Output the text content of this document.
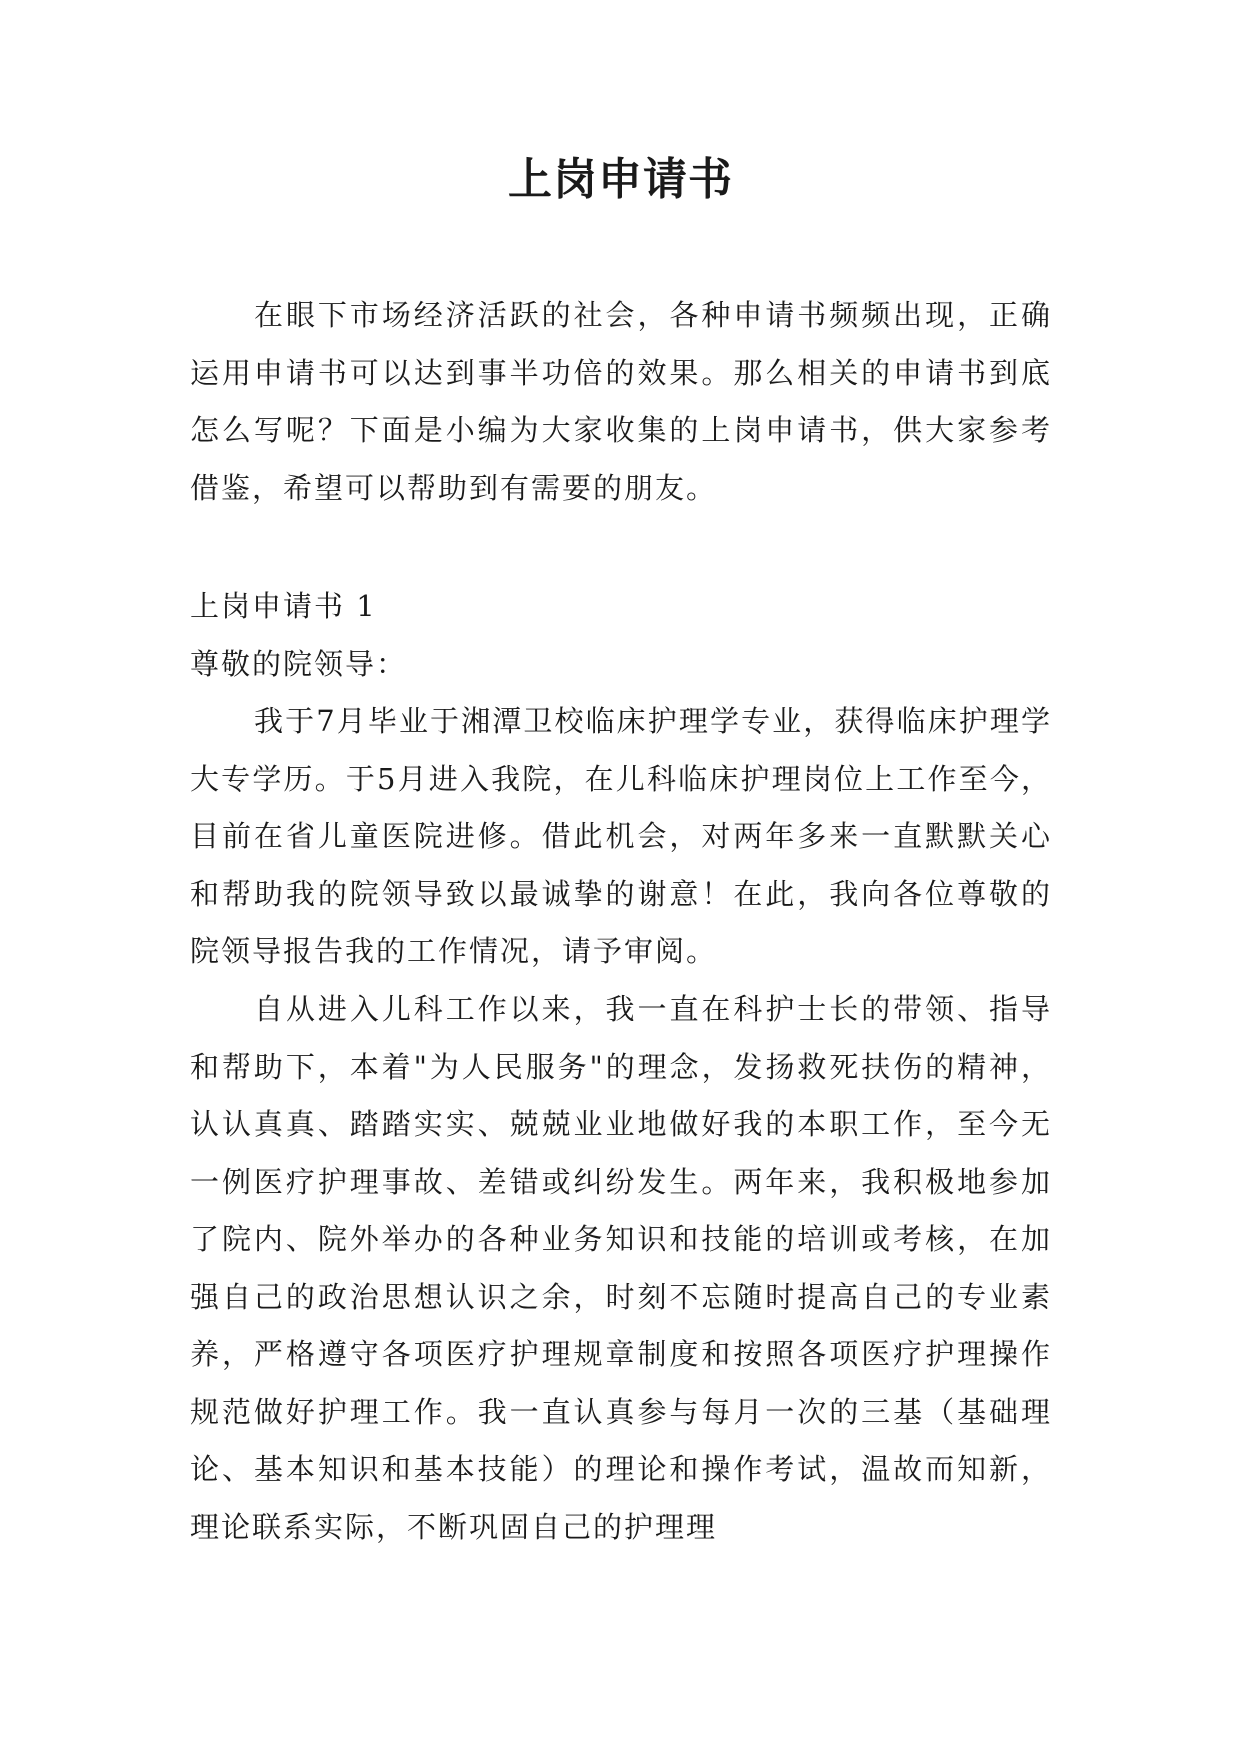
上岗申请书

在眼下市场经济活跃的社会，各种申请书频频出现，正确运用申请书可以达到事半功倍的效果。那么相关的申请书到底怎么写呢？下面是小编为大家收集的上岗申请书，供大家参考借鉴，希望可以帮助到有需要的朋友。

上岗申请书 1

尊敬的院领导：

我于7月毕业于湘潭卫校临床护理学专业，获得临床护理学大专学历。于5月进入我院，在儿科临床护理岗位上工作至今，目前在省儿童医院进修。借此机会，对两年多来一直默默关心和帮助我的院领导致以最诚挚的谢意！在此，我向各位尊敬的院领导报告我的工作情况，请予审阅。

自从进入儿科工作以来，我一直在科护士长的带领、指导和帮助下，本着"为人民服务"的理念，发扬救死扶伤的精神，认认真真、踏踏实实、兢兢业业地做好我的本职工作，至今无一例医疗护理事故、差错或纠纷发生。两年来，我积极地参加了院内、院外举办的各种业务知识和技能的培训或考核，在加强自己的政治思想认识之余，时刻不忘随时提高自己的专业素养，严格遵守各项医疗护理规章制度和按照各项医疗护理操作规范做好护理工作。我一直认真参与每月一次的三基（基础理论、基本知识和基本技能）的理论和操作考试，温故而知新，理论联系实际，不断巩固自己的护理理
